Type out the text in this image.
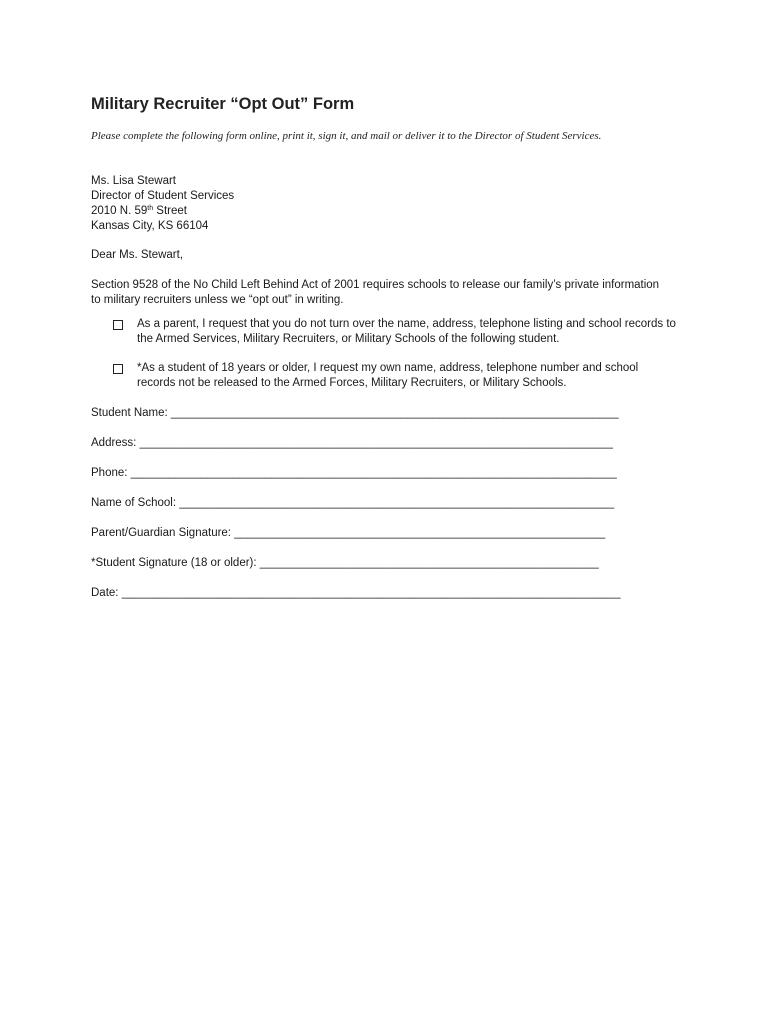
Military Recruiter “Opt Out” Form

Please complete the following form online, print it, sign it, and mail or deliver it to the Director of Student Services.

Ms. Lisa Stewart
Director of Student Services
2010 N. 59th Street
Kansas City, KS 66104
Dear Ms. Stewart,
Section 9528 of the No Child Left Behind Act of 2001 requires schools to release our family’s private information to military recruiters unless we “opt out” in writing.
As a parent, I request that you do not turn over the name, address, telephone listing and school records to the Armed Services, Military Recruiters, or Military Schools of the following student.
*As a student of 18 years or older, I request my own name, address, telephone number and school records not be released to the Armed Forces, Military Recruiters, or Military Schools.
Student Name: ______________________________________________________________________
Address: __________________________________________________________________________
Phone: ____________________________________________________________________________
Name of School: ____________________________________________________________________
Parent/Guardian Signature: __________________________________________________________
*Student Signature (18 or older): _____________________________________________________
Date: ______________________________________________________________________________
